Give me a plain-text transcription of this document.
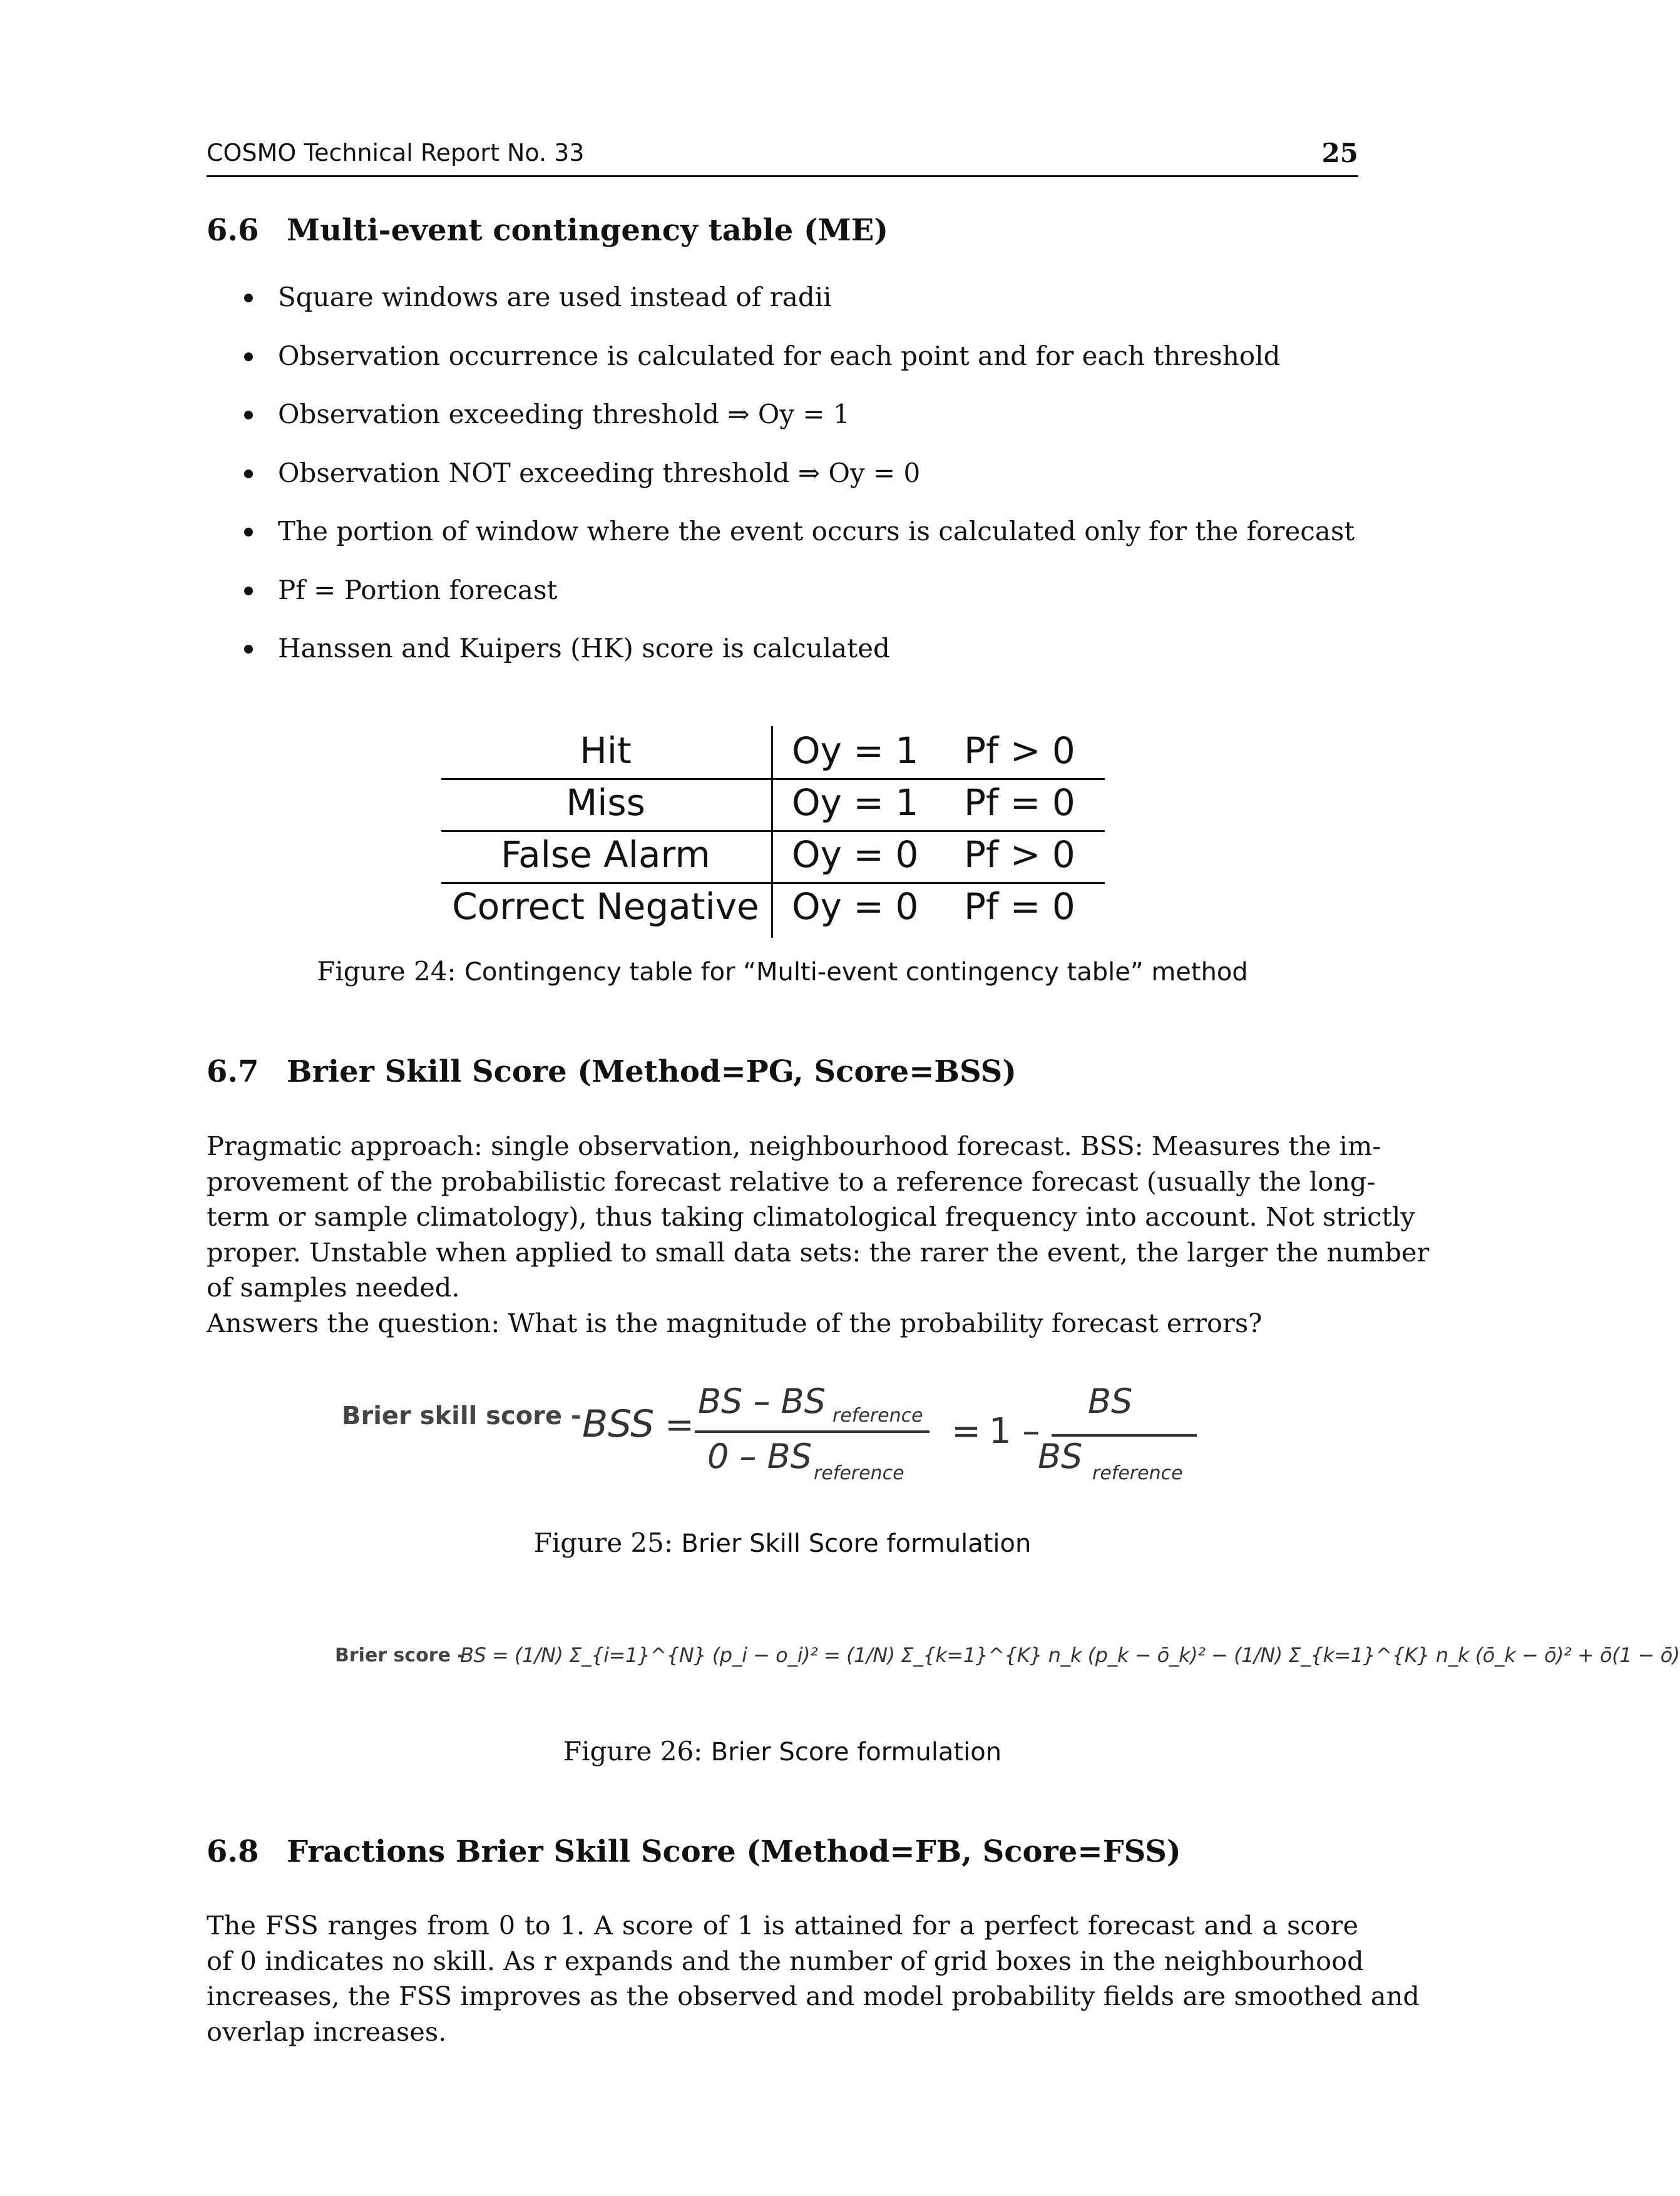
COSMO Technical Report No. 33	25
6.6 Multi-event contingency table (ME)
Square windows are used instead of radii
Observation occurrence is calculated for each point and for each threshold
Observation exceeding threshold ⇒ Oy = 1
Observation NOT exceeding threshold ⇒ Oy = 0
The portion of window where the event occurs is calculated only for the forecast
Pf = Portion forecast
Hanssen and Kuipers (HK) score is calculated
Hit	Oy = 1 Pf > 0
Miss	Oy = 1 Pf = 0
False Alarm	Oy = 0 Pf > 0
Correct Negative Oy = 0 Pf = 0
Figure 24: Contingency table for “Multi-event contingency table” method
6.7 Brier Skill Score (Method=PG, Score=BSS)
Pragmatic approach: single observation, neighbourhood forecast. BSS: Measures the im-
provement of the probabilistic forecast relative to a reference forecast (usually the long-
term or sample climatology), thus taking climatological frequency into account. Not strictly
proper. Unstable when applied to small data sets: the rarer the event, the larger the number
of samples needed.
Answers the question: What is the magnitude of the probability forecast errors?
Brier skill score - BSS =
BS – BS reference
0 – BS reference
= 1 –
BS
BS reference
Figure 25: Brier Skill Score formulation
Brier score -
BS = (1/N) Σ_{i=1}^{N} (p_i − o_i)² = (1/N) Σ_{k=1}^{K} n_k (p_k − ō_k)² − (1/N) Σ_{k=1}^{K} n_k (ō_k − ō)² + ō(1 − ō)
Figure 26: Brier Score formulation
6.8 Fractions Brier Skill Score (Method=FB, Score=FSS)
The FSS ranges from 0 to 1. A score of 1 is attained for a perfect forecast and a score
of 0 indicates no skill. As r expands and the number of grid boxes in the neighbourhood
increases, the FSS improves as the observed and model probability fields are smoothed and
overlap increases.
